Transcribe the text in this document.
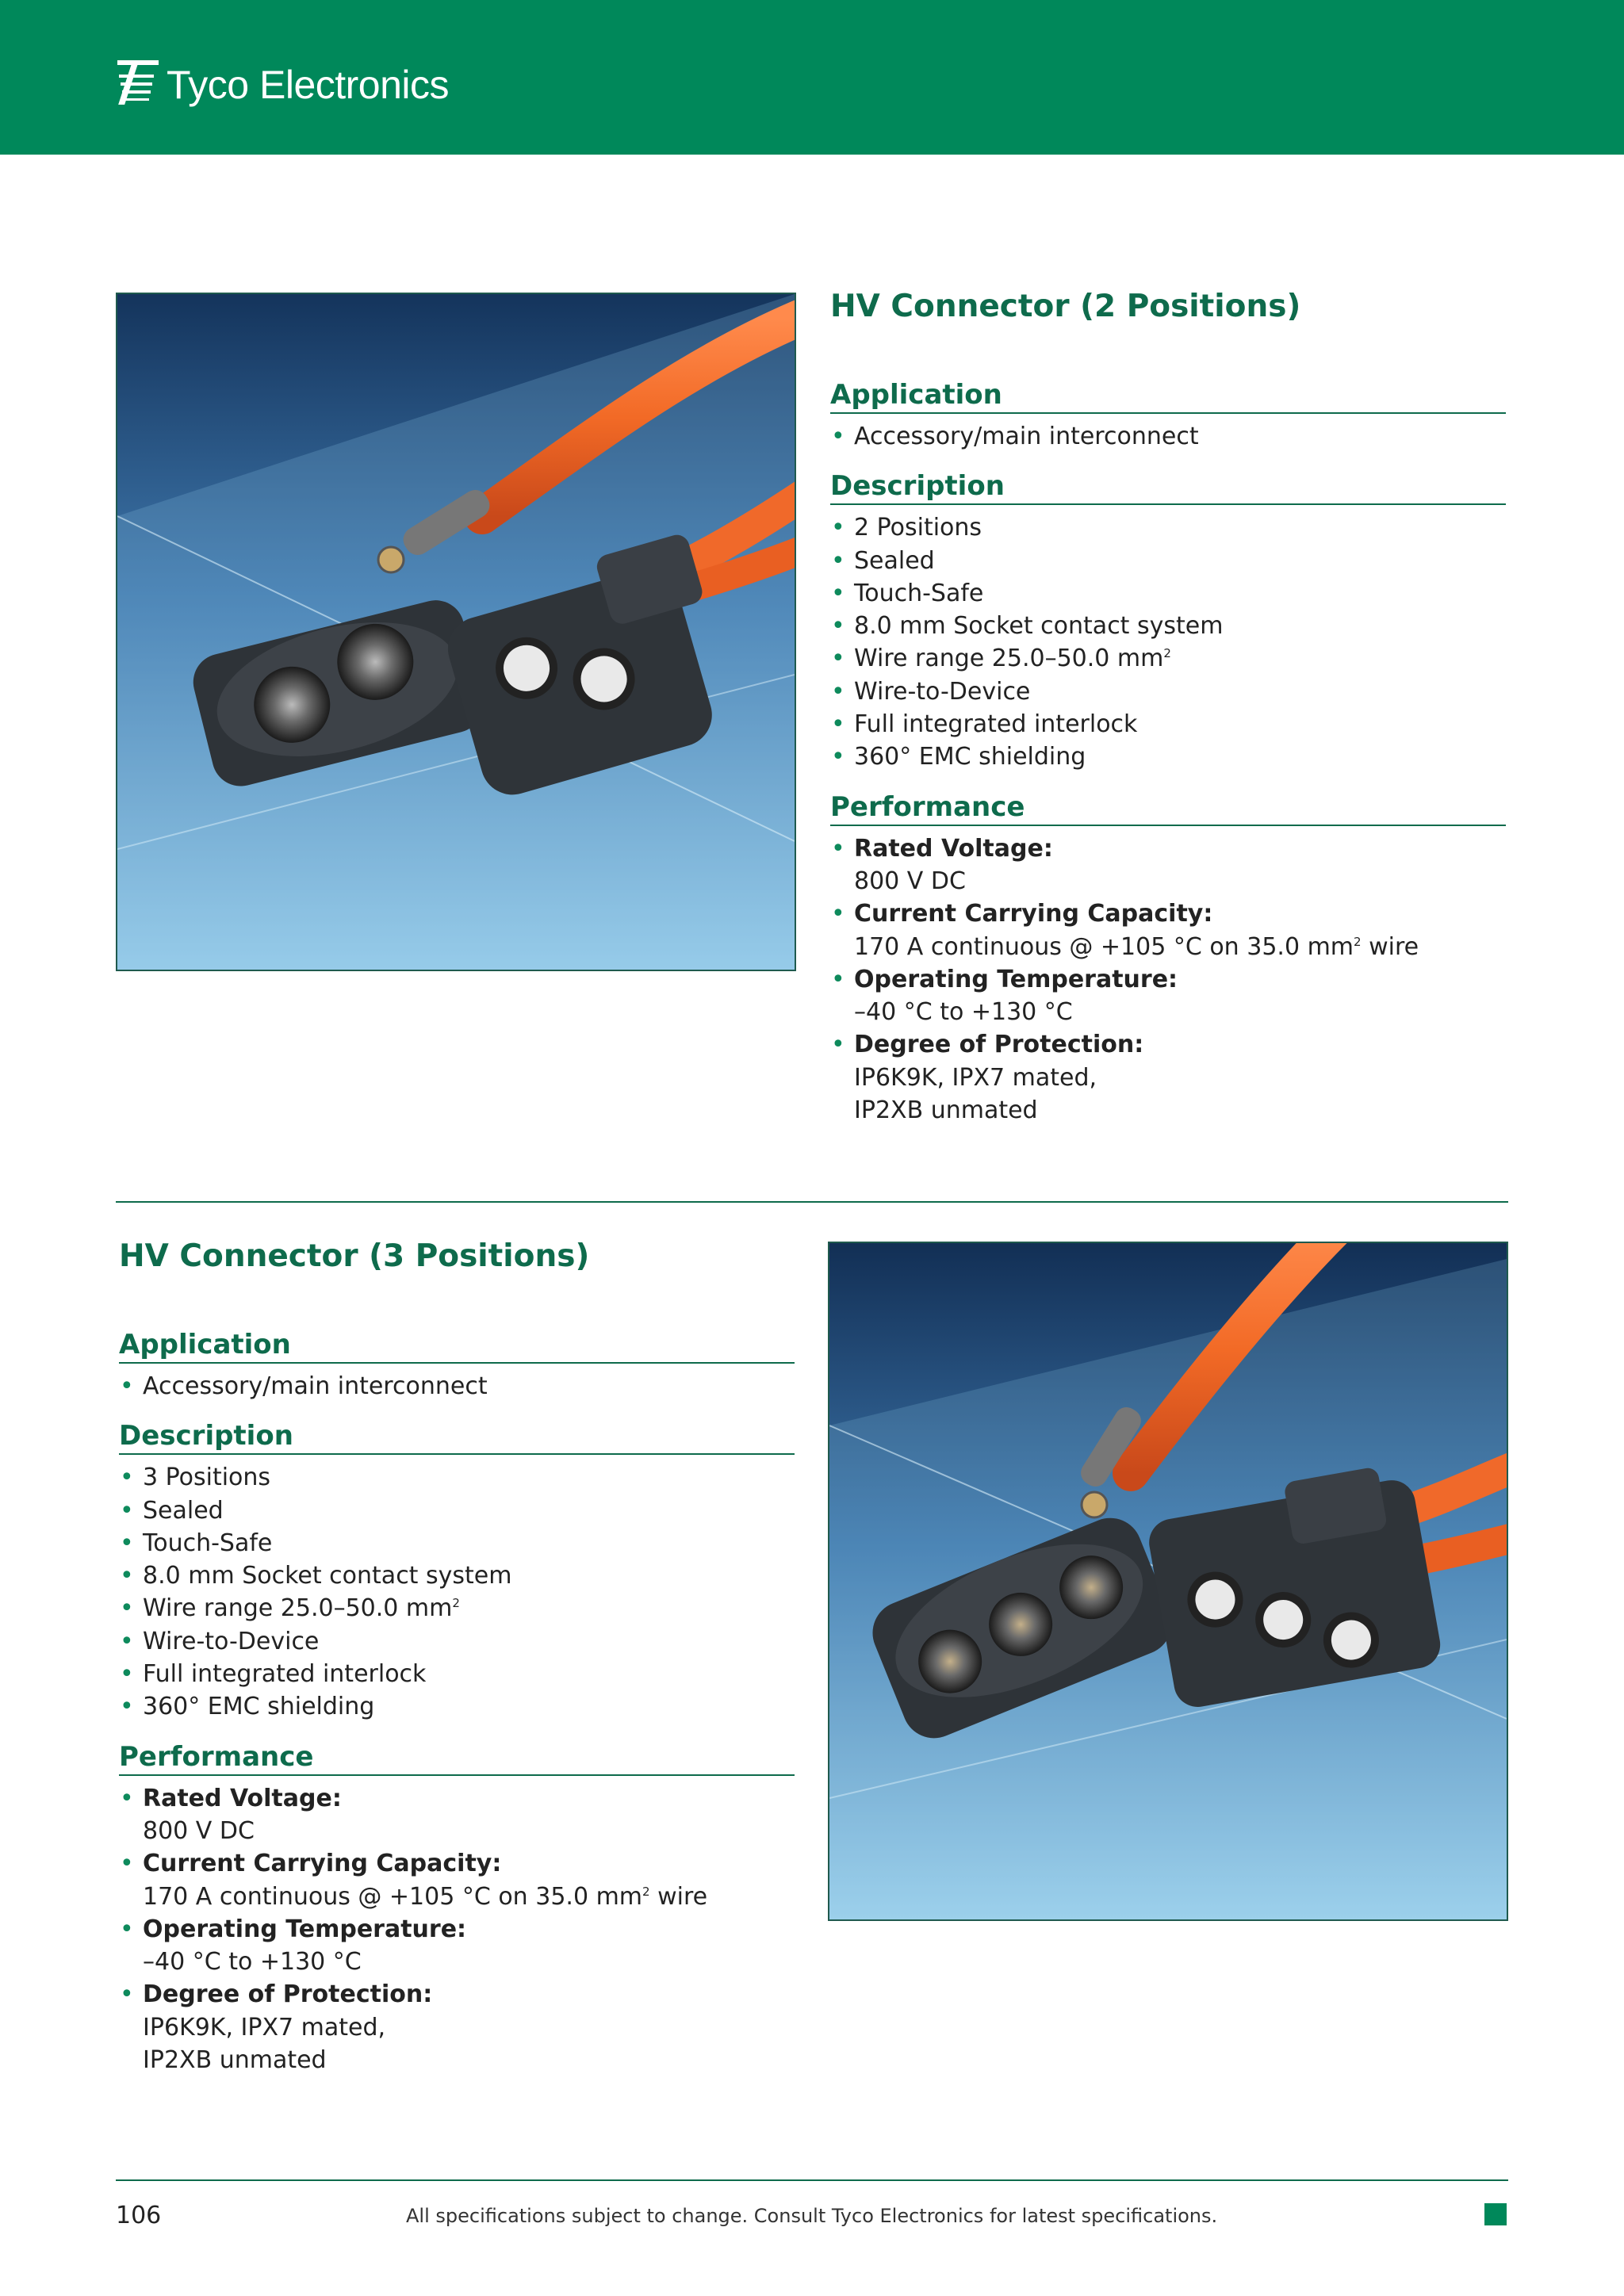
Tyco Electronics
HV Connector (2 Positions)
Application
• Accessory/main interconnect
Description
• 2 Positions
• Sealed
• Touch-Safe
• 8.0 mm Socket contact system
• Wire range 25.0–50.0 $mm^2$
• Wire-to-Device
• Full integrated interlock
• 360° EMC shielding
Performance
• Rated Voltage:
800 V DC
• Current Carrying Capacity:
170 A continuous @ +105 °C on 35.0 $mm^2$ wire
• Operating Temperature:
–40 °C to +130 °C
• Degree of Protection:
IP6K9K, IPX7 mated,
IP2XB unmated
HV Connector (3 Positions)
Application
• Accessory/main interconnect
Description
• 3 Positions
• Sealed
• Touch-Safe
• 8.0 mm Socket contact system
• Wire range 25.0–50.0 $mm^2$
• Wire-to-Device
• Full integrated interlock
• 360° EMC shielding
Performance
• Rated Voltage:
800 V DC
• Current Carrying Capacity:
170 A continuous @ +105 °C on 35.0 $mm^2$ wire
• Operating Temperature:
–40 °C to +130 °C
• Degree of Protection:
IP6K9K, IPX7 mated,
IP2XB unmated
106	All specifications subject to change. Consult Tyco Electronics for latest specifications.
